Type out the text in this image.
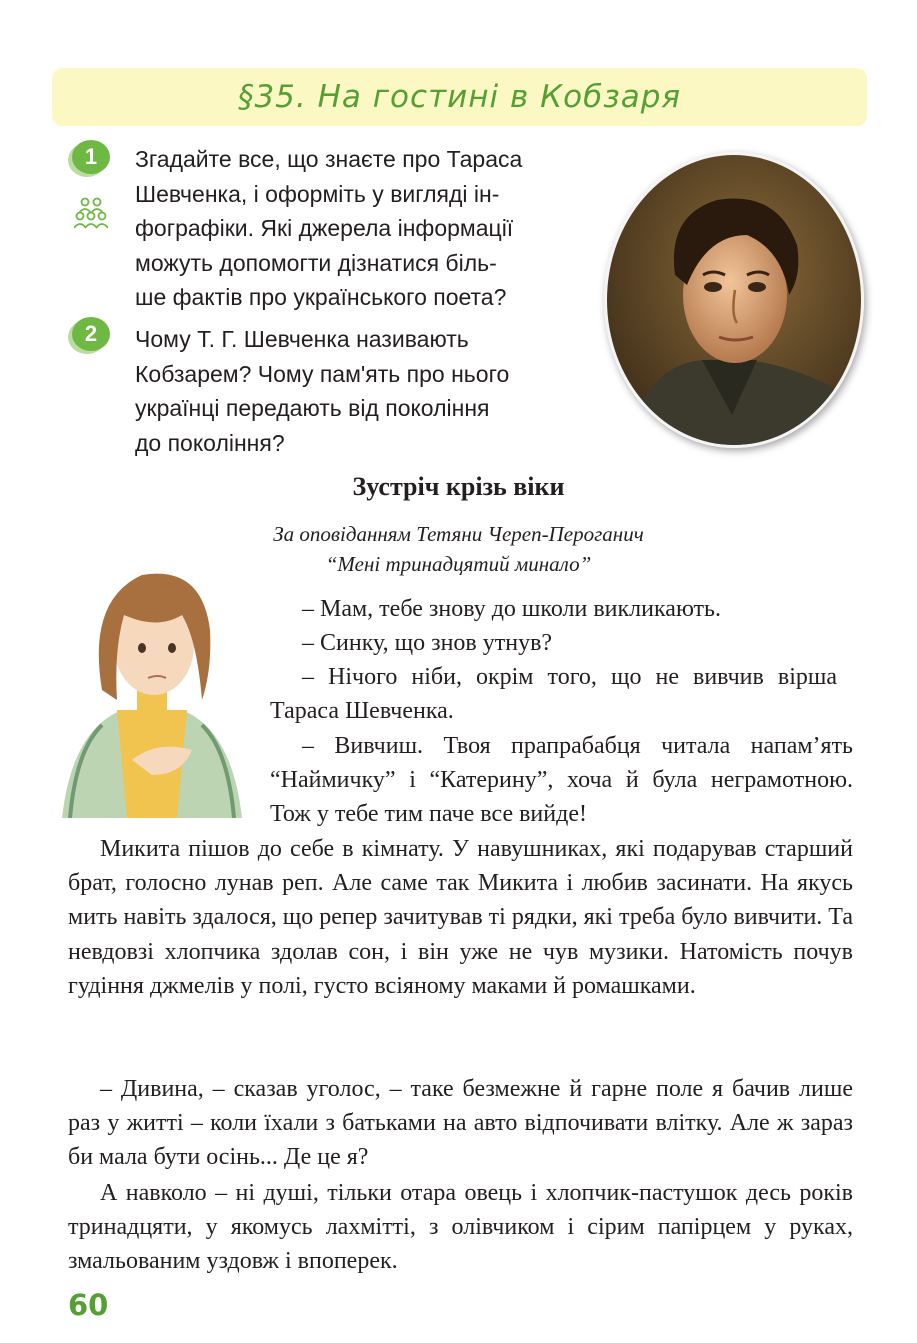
§35. На гостині в Кобзаря
1	Згадайте все, що знаєте про Тараса
Шевченка, і оформіть у вигляді ін-
фографіки. Які джерела інформації
можуть допомогти дізнатися біль-
ше фактів про українського поета?
2	Чому Т. Г. Шевченка називають
Кобзарем? Чому пам'ять про нього
українці передають від покоління
до покоління?
Зустріч крізь віки
За оповіданням Тетяни Череп-Пероганич
“Мені тринадцятий минало”

– Мам, тебе знову до школи викликають.

– Синку, що знов утнув?

– Нічого ніби, окрім того, що не вивчив вірша Тараса Шевченка.

– Вивчиш. Твоя прапрабабця читала напам’ять “Наймичку” і “Катерину”, хоча й була неграмотною. Тож у тебе тим паче все вийде!

Микита пішов до себе в кімнату. У навушниках, які подарував старший брат, голосно лунав реп. Але саме так Микита і любив засинати. На якусь мить навіть здалося, що репер зачитував ті рядки, які треба було вивчити. Та невдовзі хлопчика здолав сон, і він уже не чув музики. Натомість почув гудіння джмелів у полі, густо всіяному маками й ромашками.

– Дивина, – сказав уголос, – таке безмежне й гарне поле я бачив лише раз у житті – коли їхали з батьками на авто відпочивати влітку. Але ж зараз би мала бути осінь... Де це я?

А навколо – ні душі, тільки отара овець і хлопчик-пастушок десь років тринадцяти, у якомусь лахмітті, з олівчиком і сірим папірцем у руках, змальованим уздовж і впоперек.

60
